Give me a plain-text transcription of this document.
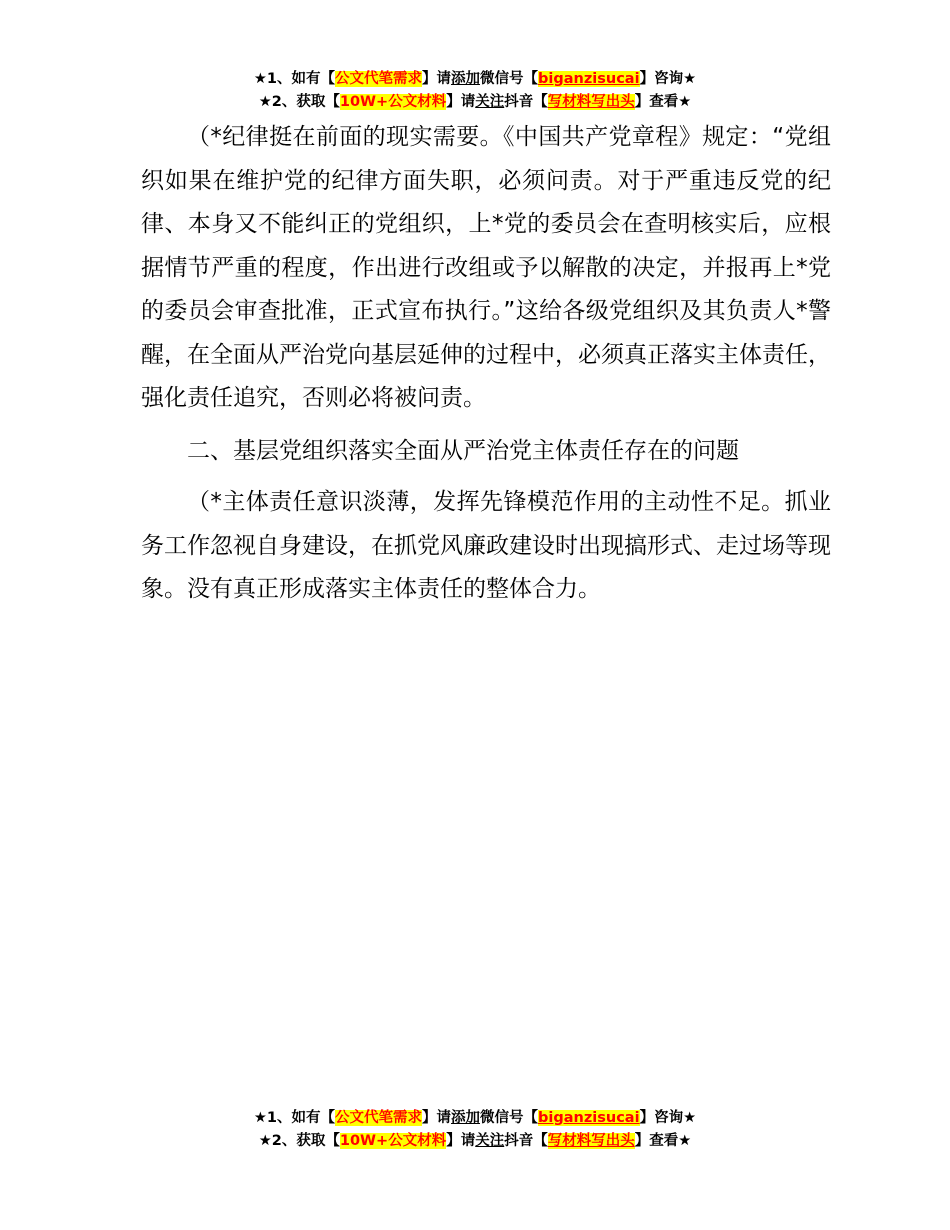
★1、如有【公文代笔需求】请添加微信号【biganzisucai】咨询★
★2、获取【10W+公文材料】请关注抖音【写材料写出头】查看★

（*纪律挺在前面的现实需要。《中国共产党章程》规定：“党组织如果在维护党的纪律方面失职，必须问责。对于严重违反党的纪律、本身又不能纠正的党组织，上*党的委员会在查明核实后，应根据情节严重的程度，作出进行改组或予以解散的决定，并报再上*党的委员会审查批准，正式宣布执行。”这给各级党组织及其负责人*警醒，在全面从严治党向基层延伸的过程中，必须真正落实主体责任，强化责任追究，否则必将被问责。

二、基层党组织落实全面从严治党主体责任存在的问题

（*主体责任意识淡薄，发挥先锋模范作用的主动性不足。抓业务工作忽视自身建设，在抓党风廉政建设时出现搞形式、走过场等现象。没有真正形成落实主体责任的整体合力。

★1、如有【公文代笔需求】请添加微信号【biganzisucai】咨询★
★2、获取【10W+公文材料】请关注抖音【写材料写出头】查看★
